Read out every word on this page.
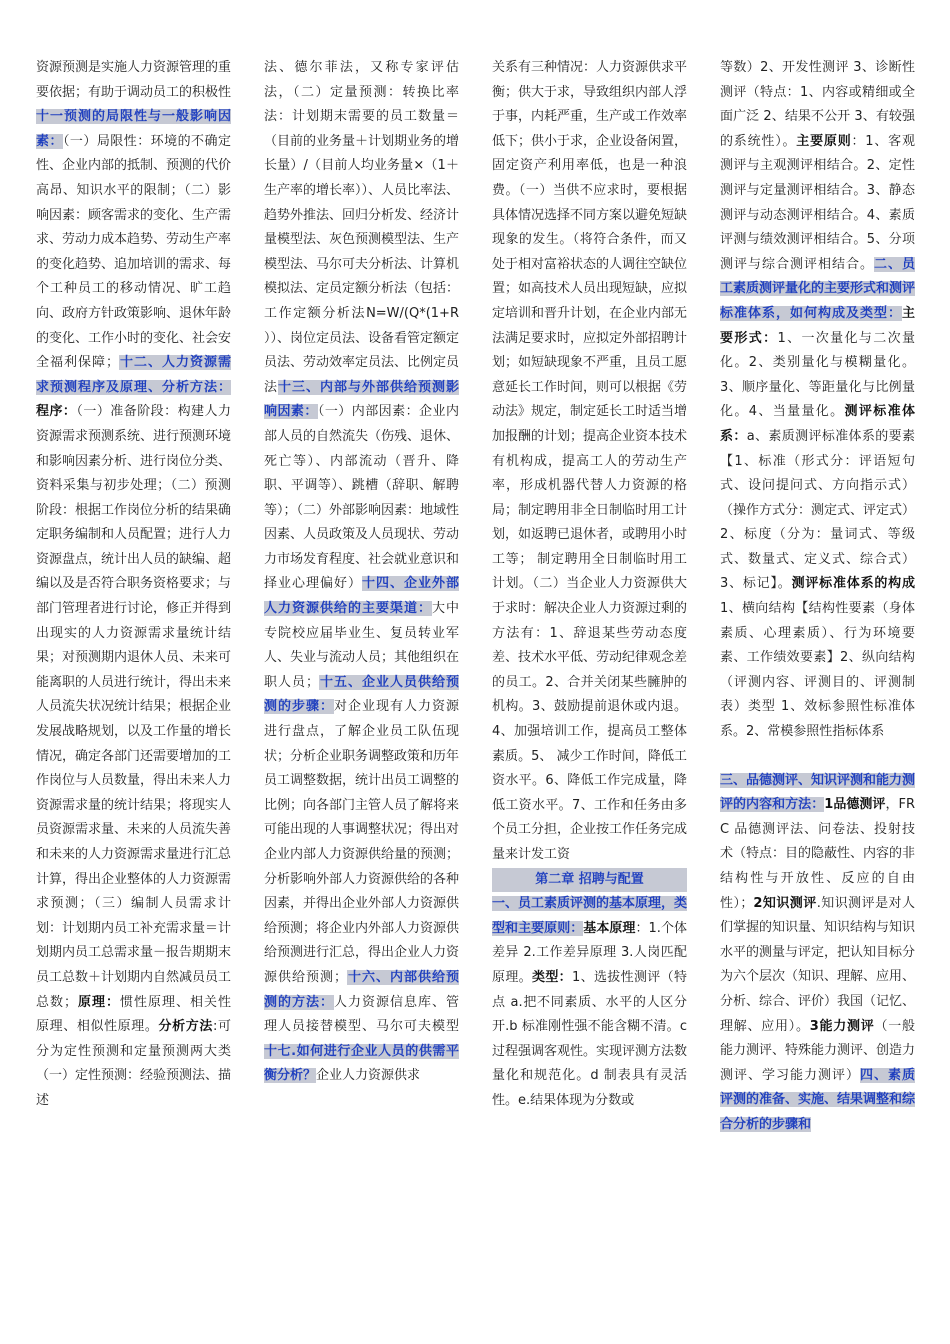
资源预测是实施人力资源管理的重要依据；有助于调动员工的积极性十一预测的局限性与一般影响因素：（一）局限性：环境的不确定性、企业内部的抵制、预测的代价高昂、知识水平的限制；（二）影响因素：顾客需求的变化、生产需求、劳动力成本趋势、劳动生产率的变化趋势、追加培训的需求、每个工种员工的移动情况、旷工趋向、政府方针政策影响、退休年龄的变化、工作小时的变化、社会安全福利保障；十二、人力资源需求预测程序及原理、分析方法：程序：（一）准备阶段：构建人力资源需求预测系统、进行预测环境和影响因素分析、进行岗位分类、资料采集与初步处理；（二）预测阶段：根据工作岗位分析的结果确定职务编制和人员配置；进行人力资源盘点，统计出人员的缺编、超编以及是否符合职务资格要求；与部门管理者进行讨论，修正并得到出现实的人力资源需求量统计结果；对预测期内退休人员、未来可能离职的人员进行统计，得出未来人员流失状况统计结果；根据企业发展战略规划，以及工作量的增长情况，确定各部门还需要增加的工作岗位与人员数量，得出未来人力资源需求量的统计结果；将现实人员资源需求量、未来的人员流失善和未来的人力资源需求量进行汇总计算，得出企业整体的人力资源需求预测；（三）编制人员需求计划：计划期内员工补充需求量＝计划期内员工总需求量－报告期期末员工总数＋计划期内自然减员员工总数；原理：惯性原理、相关性原理、相似性原理。分析方法:可分为定性预测和定量预测两大类（一）定性预测：经验预测法、描述
法、德尔菲法，又称专家评估法，（二）定量预测：转换比率法：计划期末需要的员工数量＝（目前的业务量＋计划期业务的增长量）/（目前人均业务量×（1＋生产率的增长率））、人员比率法、趋势外推法、回归分析发、经济计量模型法、灰色预测模型法、生产模型法、马尔可夫分析法、计算机模拟法、定员定额分析法（包括：工作定额分析法N=W/(Q*(1+R ））、岗位定员法、设备看管定额定员法、劳动效率定员法、比例定员法十三、内部与外部供给预测影响因素：（一）内部因素：企业内部人员的自然流失（伤残、退休、死亡等）、内部流动（晋升、降职、平调等）、跳槽（辞职、解聘等）；（二）外部影响因素：地域性因素、人员政策及人员现状、劳动力市场发育程度、社会就业意识和择业心理偏好）十四、企业外部人力资源供给的主要渠道：大中专院校应届毕业生、复员转业军人、失业与流动人员；其他组织在职人员；十五、企业人员供给预测的步骤：对企业现有人力资源进行盘点，了解企业员工队伍现状；分析企业职务调整政策和历年员工调整数据，统计出员工调整的比例；向各部门主管人员了解将来可能出现的人事调整状况；得出对企业内部人力资源供给量的预测；分析影响外部人力资源供给的各种因素，并得出企业外部人力资源供给预测；将企业内外部人力资源供给预测进行汇总，得出企业人力资源供给预测；十六、内部供给预测的方法：人力资源信息库、管理人员接替模型、马尔可夫模型十七.如何进行企业人员的供需平衡分析？企业人力资源供求
关系有三种情况：人力资源供求平衡；供大于求，导致组织内部人浮于事，内耗严重，生产或工作效率低下；供小于求，企业设备闲置，固定资产利用率低，也是一种浪费。（一）当供不应求时，要根据具体情况选择不同方案以避免短缺现象的发生。（将符合条件，而又处于相对富裕状态的人调往空缺位置；如高技术人员出现短缺，应拟定培训和晋升计划，在企业内部无法满足要求时，应拟定外部招聘计划；如短缺现象不严重，且员工愿意延长工作时间，则可以根据《劳动法》规定，制定延长工时适当增加报酬的计划；提高企业资本技术有机构成，提高工人的劳动生产率，形成机器代替人力资源的格局；制定聘用非全日制临时用工计划，如返聘已退休者，或聘用小时工等； 制定聘用全日制临时用工计划。（二）当企业人力资源供大于求时：解决企业人力资源过剩的方法有：1、辞退某些劳动态度差、技术水平低、劳动纪律观念差的员工。2、合并关闭某些臃肿的机构。3、鼓励提前退休或内退。4、加强培训工作，提高员工整体素质。5、 减少工作时间，降低工资水平。6、降低工作完成量，降低工资水平。7、工作和任务由多个员工分担，企业按工作任务完成量来计发工资
第二章 招聘与配置
一、员工素质评测的基本原理，类型和主要原则：基本原理：1.个体差异 2.工作差异原理 3.人岗匹配原理。类型：1、选拔性测评（特点 a.把不同素质、水平的人区分开.b 标准刚性强不能含糊不清。c 过程强调客观性。实现评测方法数量化和规范化。d 制表具有灵活性。e.结果体现为分数或
等数）2、开发性测评 3、诊断性测评（特点：1、内容或精细或全面广泛 2、结果不公开 3、有较强的系统性）。主要原则：1、客观测评与主观测评相结合。2、定性测评与定量测评相结合。3、静态测评与动态测评相结合。4、素质评测与绩效测评相结合。5、分项测评与综合测评相结合。二、员工素质测评量化的主要形式和测评标准体系，如何构成及类型：主要形式：1、一次量化与二次量化。2、类别量化与模糊量化。3、顺序量化、等距量化与比例量化。4、当量量化。测评标准体系：a、素质测评标准体系的要素【1、标准（形式分：评语短句式、设问提问式、方向指示式）（操作方式分：测定式、评定式）2、标度（分为：量词式、等级式、数量式、定义式、综合式）3、标记】。测评标准体系的构成1、横向结构【结构性要素（身体素质、心理素质）、行为环境要素、工作绩效要素】2、纵向结构（评测内容、评测目的、评测制表）类型 1、效标参照性标准体系。2、常模参照性指标体系
三、品德测评、知识评测和能力测评的内容和方法：1品德测评，FRC 品德测评法、问卷法、投射技术（特点：目的隐蔽性、内容的非结构性与开放性、反应的自由性）；2知识测评.知识测评是对人们掌握的知识量、知识结构与知识水平的测量与评定，把认知目标分为六个层次（知识、理解、应用、分析、综合、评价）我国（记忆、理解、应用）。3能力测评（一般能力测评、特殊能力测评、创造力测评、学习能力测评）四、素质评测的准备、实施、结果调整和综合分析的步骤和
